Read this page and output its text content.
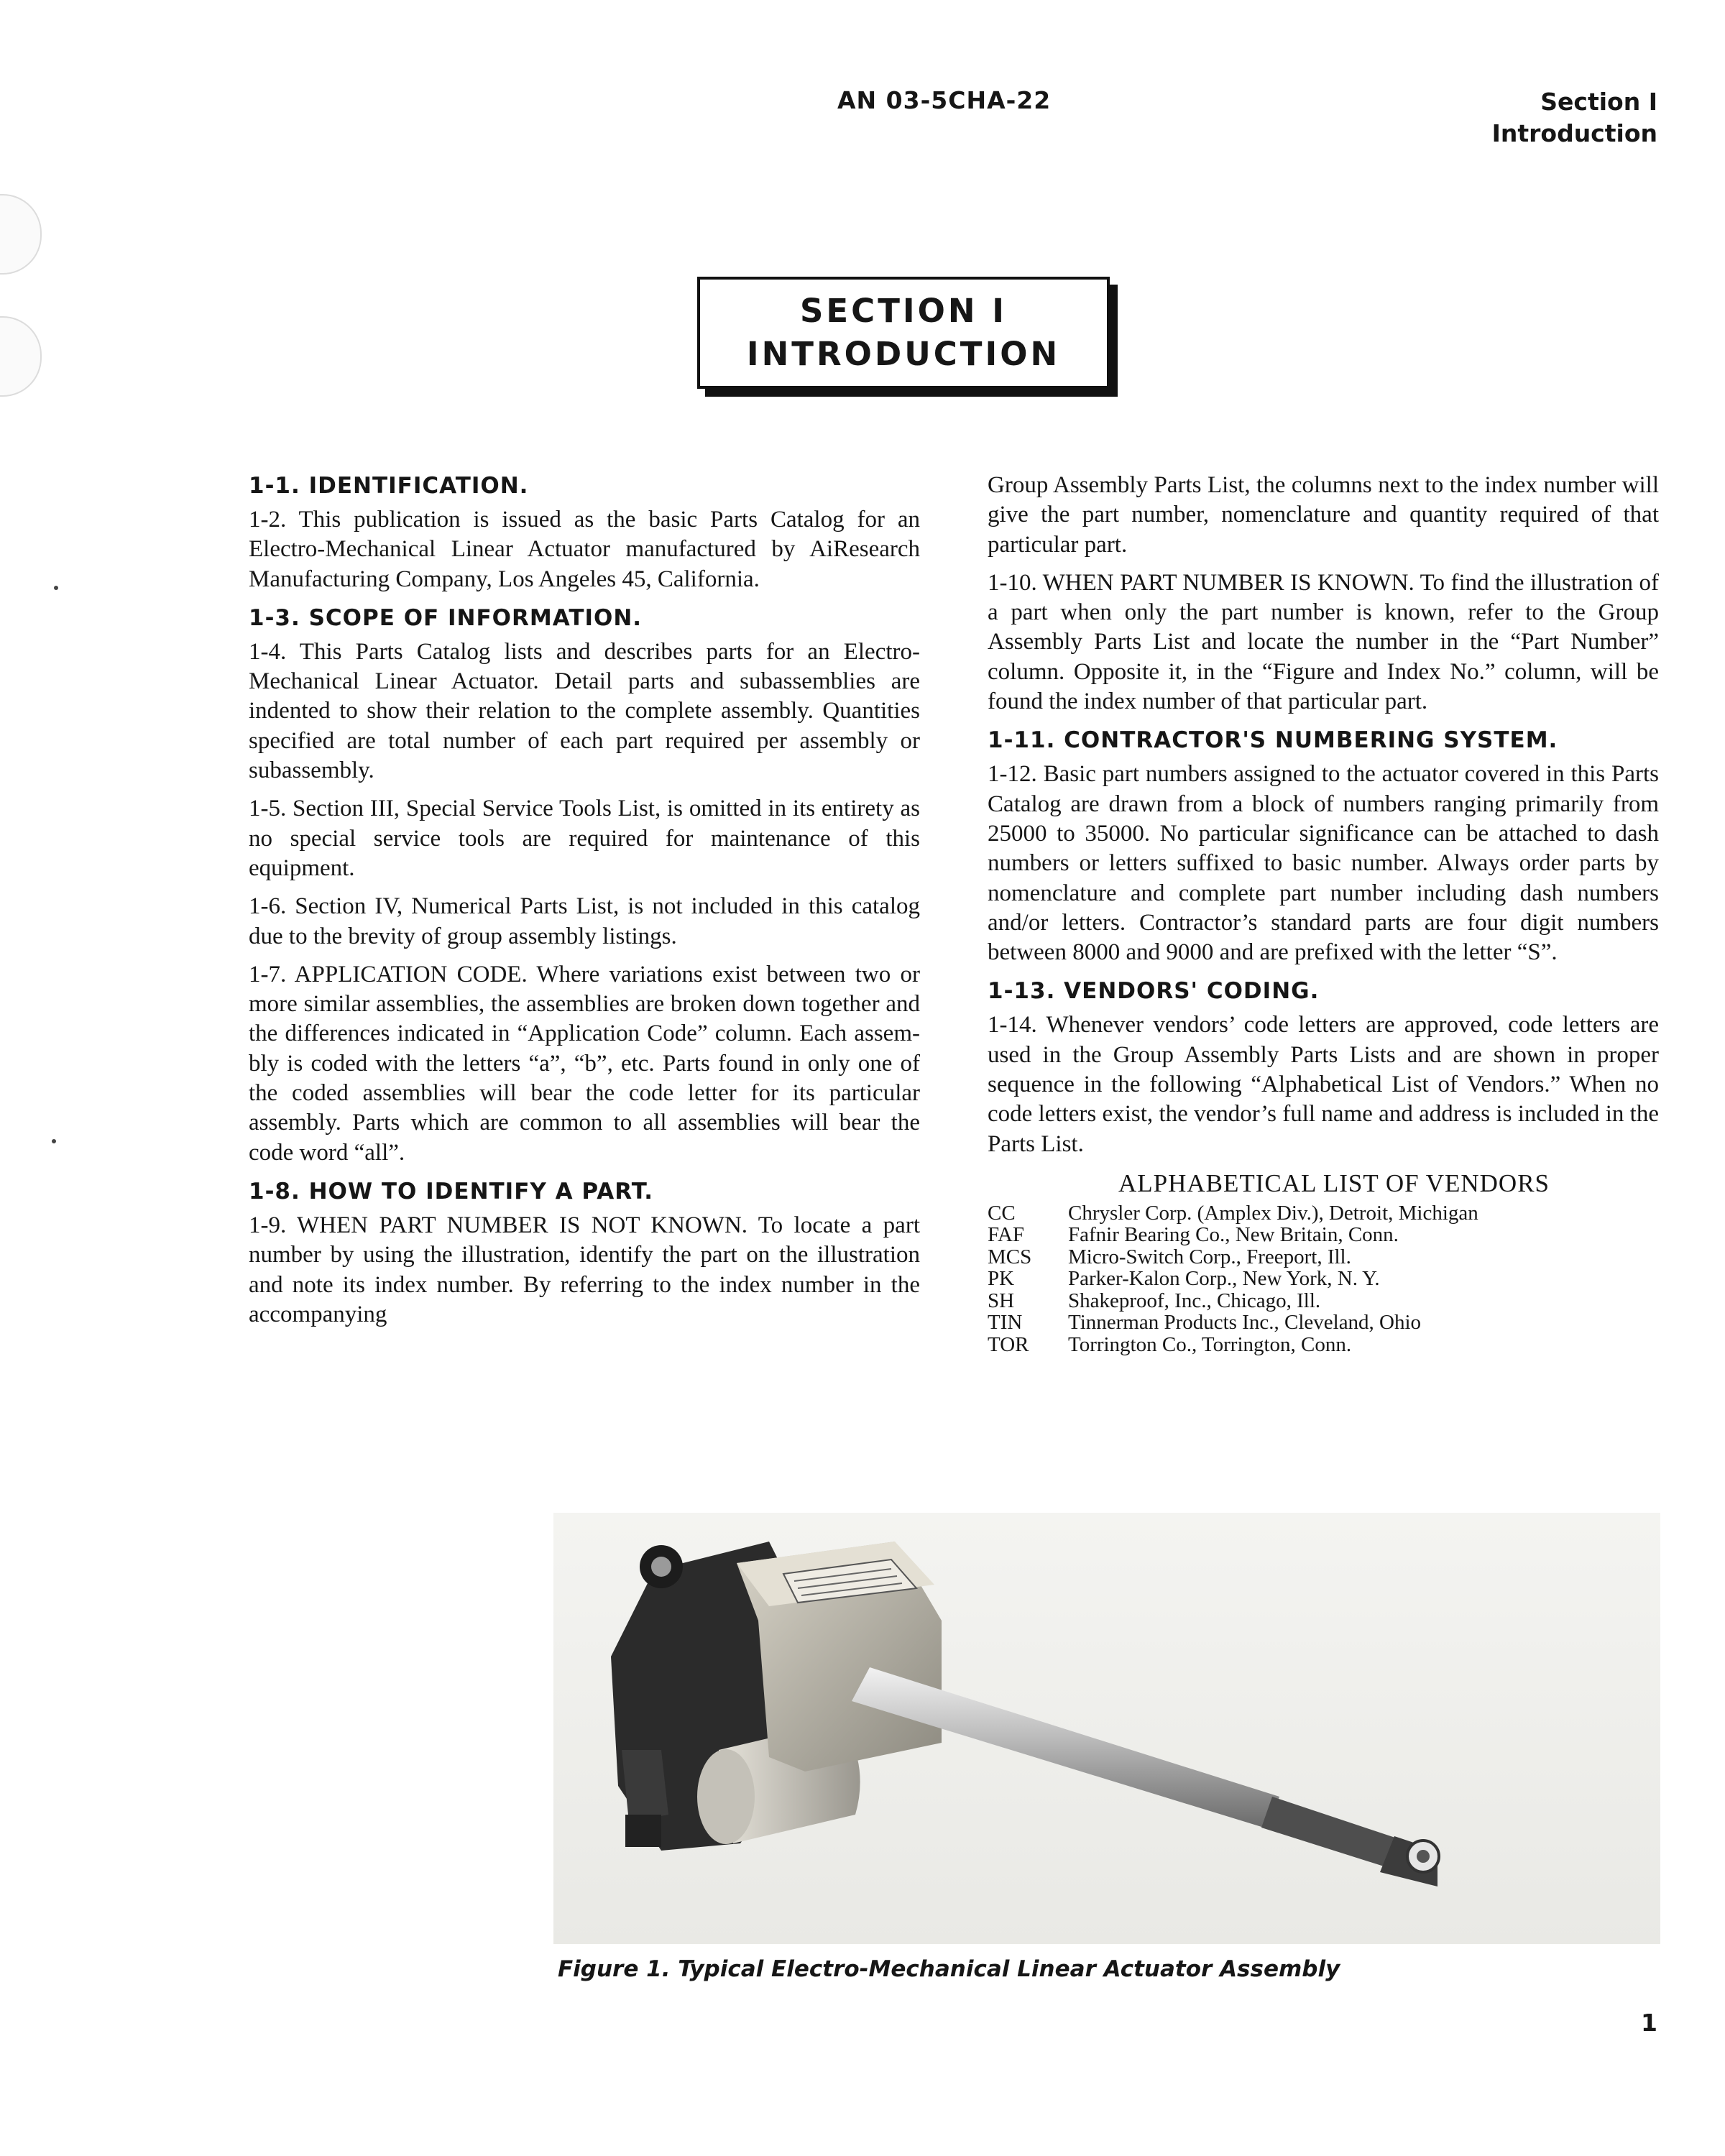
AN 03-5CHA-22	Section I
Introduction
SECTION I
INTRODUCTION
1-1. IDENTIFICATION.

1-2. This publication is issued as the basic Parts Catalog for an Electro-Mechanical Linear Actuator manufactured by AiResearch Manufacturing Company, Los Angeles 45, California.

1-3. SCOPE OF INFORMATION.

1-4. This Parts Catalog lists and describes parts for an Electro-Mechanical Linear Actuator. Detail parts and subassemblies are indented to show their relation to the complete assembly. Quantities specified are total number of each part required per assembly or subassembly.

1-5. Section III, Special Service Tools List, is omitted in its entirety as no special service tools are required for maintenance of this equipment.

1-6. Section IV, Numerical Parts List, is not included in this catalog due to the brevity of group assembly listings.

1-7. APPLICATION CODE. Where variations exist between two or more similar assemblies, the assemblies are broken down together and the differences indicated in “Application Code” column. Each assembly is coded with the letters “a”, “b”, etc. Parts found in only one of the coded assemblies will bear the code letter for its particular assembly. Parts which are common to all assemblies will bear the code word “all”.

1-8. HOW TO IDENTIFY A PART.

1-9. WHEN PART NUMBER IS NOT KNOWN. To locate a part number by using the illustration, identify the part on the illustration and note its index number. By referring to the index number in the accompanying

Group Assembly Parts List, the columns next to the index number will give the part number, nomenclature and quantity required of that particular part.

1-10. WHEN PART NUMBER IS KNOWN. To find the illustration of a part when only the part number is known, refer to the Group Assembly Parts List and locate the number in the “Part Number” column. Opposite it, in the “Figure and Index No.” column, will be found the index number of that particular part.

1-11. CONTRACTOR'S NUMBERING SYSTEM.

1-12. Basic part numbers assigned to the actuator covered in this Parts Catalog are drawn from a block of numbers ranging primarily from 25000 to 35000. No particular significance can be attached to dash numbers or letters suffixed to basic number. Always order parts by nomenclature and complete part number including dash numbers and/or letters. Contractor’s standard parts are four digit numbers between 8000 and 9000 and are prefixed with the letter “S”.

1-13. VENDORS' CODING.

1-14. Whenever vendors’ code letters are approved, code letters are used in the Group Assembly Parts Lists and are shown in proper sequence in the following “Alphabetical List of Vendors.” When no code letters exist, the vendor’s full name and address is included in the Parts List.

ALPHABETICAL LIST OF VENDORS
CC	Chrysler Corp. (Amplex Div.), Detroit, Michigan
FAF	Fafnir Bearing Co., New Britain, Conn.
MCS	Micro-Switch Corp., Freeport, Ill.
PK	Parker-Kalon Corp., New York, N. Y.
SH	Shakeproof, Inc., Chicago, Ill.
TIN	Tinnerman Products Inc., Cleveland, Ohio
TOR	Torrington Co., Torrington, Conn.
Figure 1. Typical Electro-Mechanical Linear Actuator Assembly
1
